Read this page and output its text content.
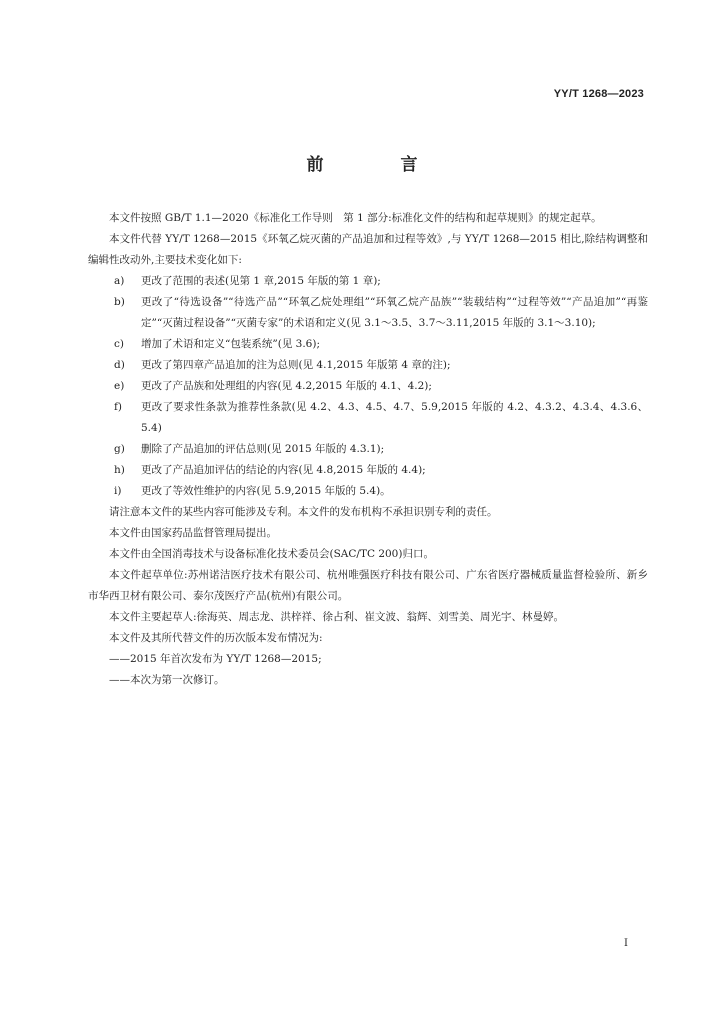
YY/T 1268—2023
前　言

本文件按照 GB/T 1.1—2020《标准化工作导则　第 1 部分:标准化文件的结构和起草规则》的规定起草。

本文件代替 YY/T 1268—2015《环氧乙烷灭菌的产品追加和过程等效》,与 YY/T 1268—2015 相比,除结构调整和编辑性改动外,主要技术变化如下:

a) 更改了范围的表述(见第 1 章,2015 年版的第 1 章);
b) 更改了“待选设备”“待选产品”“环氧乙烷处理组”“环氧乙烷产品族”“装载结构”“过程等效”“产品追加”“再鉴定”“灭菌过程设备”“灭菌专家”的术语和定义(见 3.1～3.5、3.7～3.11,2015 年版的 3.1～3.10);
c) 增加了术语和定义“包装系统”(见 3.6);
d) 更改了第四章产品追加的注为总则(见 4.1,2015 年版第 4 章的注);
e) 更改了产品族和处理组的内容(见 4.2,2015 年版的 4.1、4.2);
f) 更改了要求性条款为推荐性条款(见 4.2、4.3、4.5、4.7、5.9,2015 年版的 4.2、4.3.2、4.3.4、4.3.6、5.4)
g) 删除了产品追加的评估总则(见 2015 年版的 4.3.1);
h) 更改了产品追加评估的结论的内容(见 4.8,2015 年版的 4.4);
i) 更改了等效性维护的内容(见 5.9,2015 年版的 5.4)。

请注意本文件的某些内容可能涉及专利。本文件的发布机构不承担识别专利的责任。

本文件由国家药品监督管理局提出。

本文件由全国消毒技术与设备标准化技术委员会(SAC/TC 200)归口。

本文件起草单位:苏州诺洁医疗技术有限公司、杭州唯强医疗科技有限公司、广东省医疗器械质量监督检验所、新乡市华西卫材有限公司、泰尔茂医疗产品(杭州)有限公司。

本文件主要起草人:徐海英、周志龙、洪梓祥、徐占利、崔文波、翁辉、刘雪美、周光宇、林曼婷。

本文件及其所代替文件的历次版本发布情况为:

——2015 年首次发布为 YY/T 1268—2015;

——本次为第一次修订。

I
